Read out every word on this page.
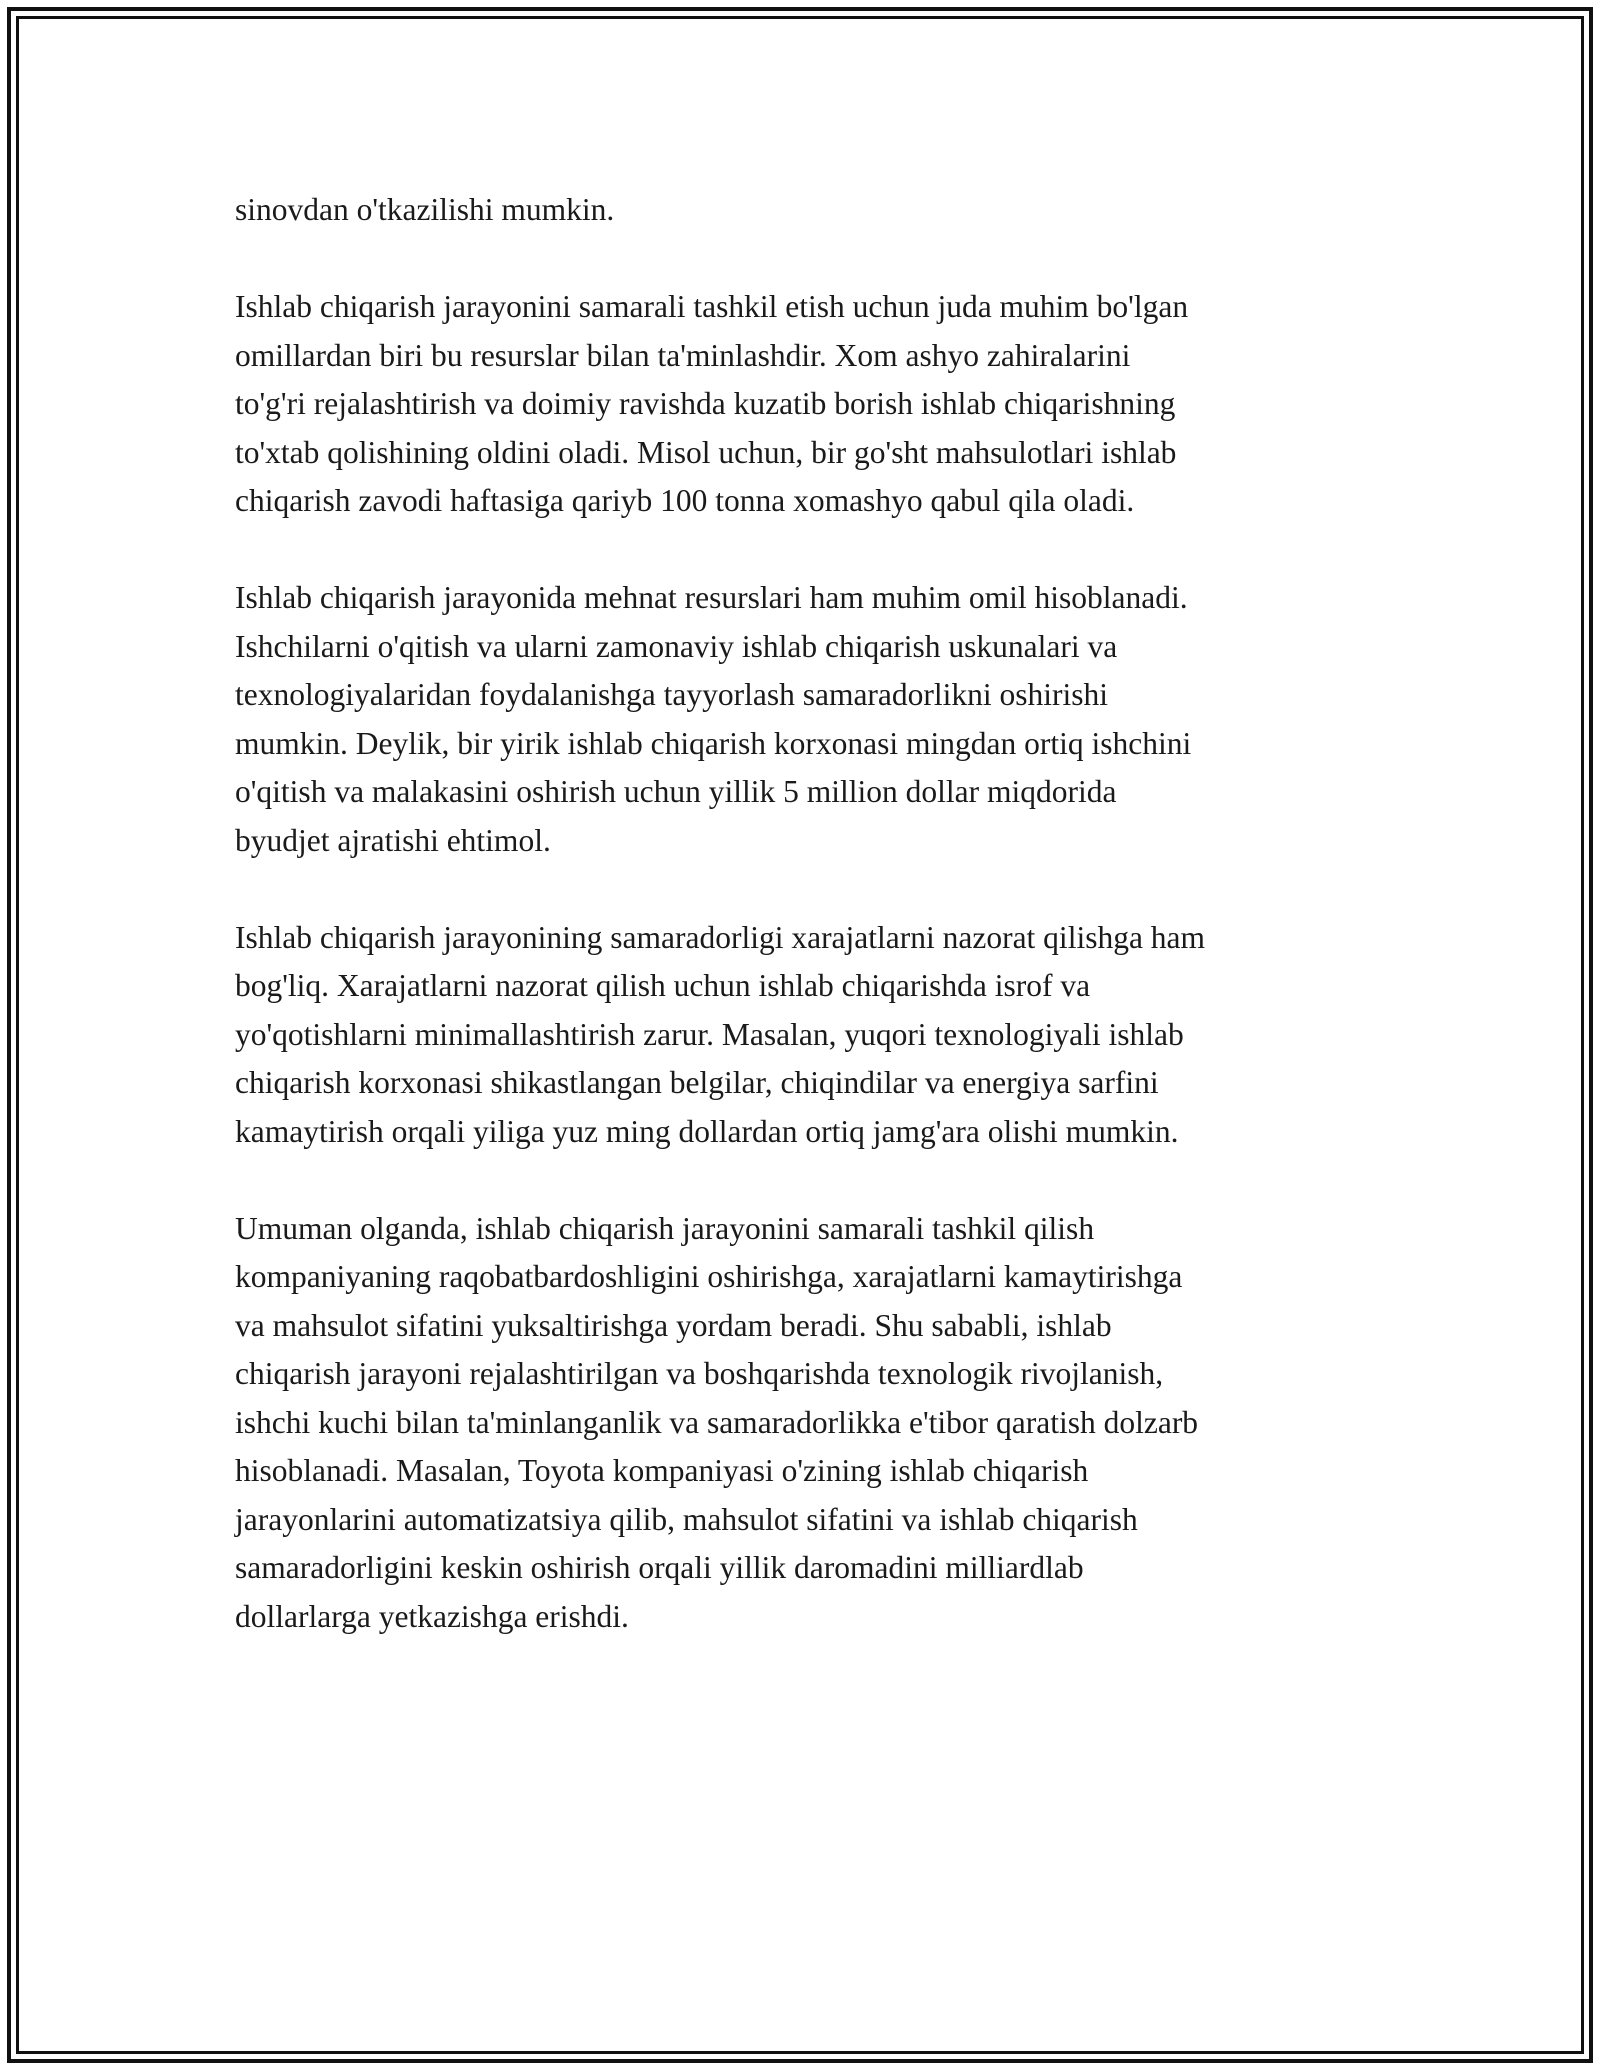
sinovdan o'tkazilishi mumkin.
Ishlab chiqarish jarayonini samarali tashkil etish uchun juda muhim bo'lgan
omillardan biri bu resurslar bilan ta'minlashdir. Xom ashyo zahiralarini
to'g'ri rejalashtirish va doimiy ravishda kuzatib borish ishlab chiqarishning
to'xtab qolishining oldini oladi. Misol uchun, bir go'sht mahsulotlari ishlab
chiqarish zavodi haftasiga qariyb 100 tonna xomashyo qabul qila oladi.
Ishlab chiqarish jarayonida mehnat resurslari ham muhim omil hisoblanadi.
Ishchilarni o'qitish va ularni zamonaviy ishlab chiqarish uskunalari va
texnologiyalaridan foydalanishga tayyorlash samaradorlikni oshirishi
mumkin. Deylik, bir yirik ishlab chiqarish korxonasi mingdan ortiq ishchini
o'qitish va malakasini oshirish uchun yillik 5 million dollar miqdorida
byudjet ajratishi ehtimol.
Ishlab chiqarish jarayonining samaradorligi xarajatlarni nazorat qilishga ham
bog'liq. Xarajatlarni nazorat qilish uchun ishlab chiqarishda isrof va
yo'qotishlarni minimallashtirish zarur. Masalan, yuqori texnologiyali ishlab
chiqarish korxonasi shikastlangan belgilar, chiqindilar va energiya sarfini
kamaytirish orqali yiliga yuz ming dollardan ortiq jamg'ara olishi mumkin.
Umuman olganda, ishlab chiqarish jarayonini samarali tashkil qilish
kompaniyaning raqobatbardoshligini oshirishga, xarajatlarni kamaytirishga
va mahsulot sifatini yuksaltirishga yordam beradi. Shu sababli, ishlab
chiqarish jarayoni rejalashtirilgan va boshqarishda texnologik rivojlanish,
ishchi kuchi bilan ta'minlanganlik va samaradorlikka e'tibor qaratish dolzarb
hisoblanadi. Masalan, Toyota kompaniyasi o'zining ishlab chiqarish
jarayonlarini automatizatsiya qilib, mahsulot sifatini va ishlab chiqarish
samaradorligini keskin oshirish orqali yillik daromadini milliardlab
dollarlarga yetkazishga erishdi.
